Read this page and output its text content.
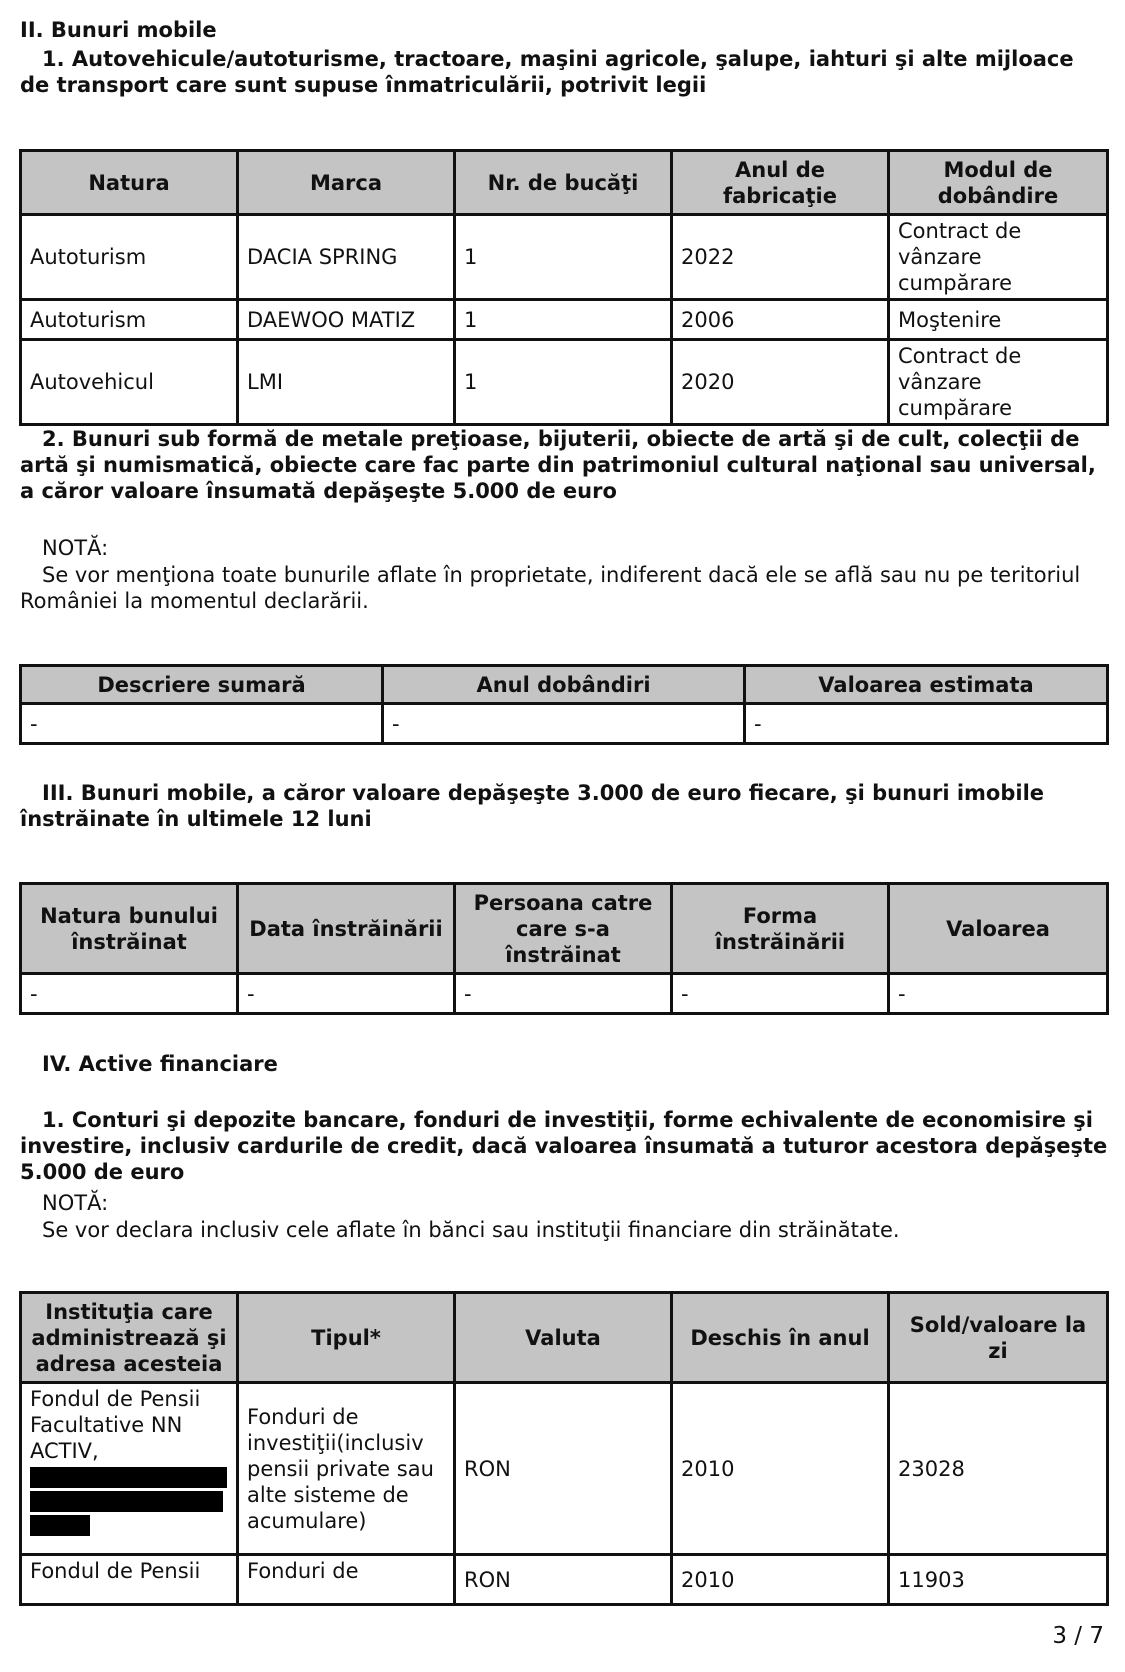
II. Bunuri mobile

1. Autovehicule/autoturisme, tractoare, maşini agricole, şalupe, iahturi şi alte mijloace de transport care sunt supuse înmatriculării, potrivit legii

Natura	Marca	Nr. de bucăţi	Anul de fabricaţie	Modul de dobândire
Autoturism	DACIA SPRING	1	2022	Contract de vânzare cumpărare
Autoturism	DAEWOO MATIZ	1	2006	Moştenire
Autovehicul	LMI	1	2020	Contract de vânzare cumpărare

2. Bunuri sub formă de metale preţioase, bijuterii, obiecte de artă şi de cult, colecţii de artă şi numismatică, obiecte care fac parte din patrimoniul cultural naţional sau universal, a căror valoare însumată depăşeşte 5.000 de euro

NOTĂ:

Se vor menţiona toate bunurile aflate în proprietate, indiferent dacă ele se află sau nu pe teritoriul României la momentul declarării.

Descriere sumară	Anul dobândiri	Valoarea estimata
-	-	-

III. Bunuri mobile, a căror valoare depăşeşte 3.000 de euro fiecare, şi bunuri imobile înstrăinate în ultimele 12 luni

Natura bunului înstrăinat	Data înstrăinării	Persoana catre care s-a înstrăinat	Forma înstrăinării	Valoarea
-	-	-	-	-

IV. Active financiare

1. Conturi şi depozite bancare, fonduri de investiţii, forme echivalente de economisire şi investire, inclusiv cardurile de credit, dacă valoarea însumată a tuturor acestora depăşeşte 5.000 de euro

NOTĂ:

Se vor declara inclusiv cele aflate în bănci sau instituţii financiare din străinătate.

Instituţia care administrează şi adresa acesteia	Tipul*	Valuta	Deschis în anul	Sold/valoare la zi
Fondul de Pensii Facultative NN ACTIV,	Fonduri de investiţii(inclusiv pensii private sau alte sisteme de acumulare)	RON	2010	23028
Fondul de Pensii	Fonduri de	RON	2010	11903
3 / 7
